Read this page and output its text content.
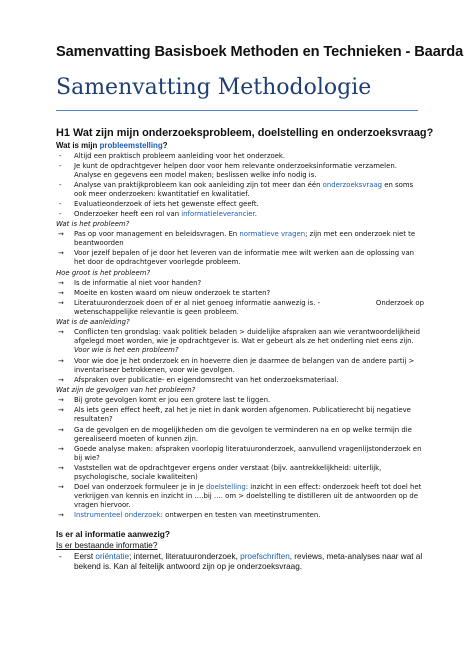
Samenvatting Basisboek Methoden en Technieken - Baarda
Samenvatting Methodologie
H1 Wat zijn mijn onderzoeksprobleem, doelstelling en onderzoeksvraag?
Wat is mijn probleemstelling?
- Altijd een praktisch probleem aanleiding voor het onderzoek.
- Je kunt de opdrachtgever helpen door voor hem relevante onderzoeksinformatie verzamelen. Analyse en gegevens een model maken; beslissen welke info nodig is.
- Analyse van praktijkprobleem kan ook aanleiding zijn tot meer dan één onderzoeksvraag en soms ook meer onderzoeken: kwantitatief en kwalitatief.
- Evaluatieonderzoek of iets het gewenste effect geeft.
- Onderzoeker heeft een rol van informatieleverancier.
Wat is het probleem?
→ Pas op voor management en beleidsvragen. En normatieve vragen; zijn met een onderzoek niet te beantwoorden
→ Voor jezelf bepalen of je door het leveren van de informatie mee wilt werken aan de oplossing van het door de opdrachtgever voorlegde probleem.
Hoe groot is het probleem?
→ Is de informatie al niet voor handen?
→ Moeite en kosten waard om nieuw onderzoek te starten?
→ Literatuuronderzoek doen of er al niet genoeg informatie aanwezig is. -	Onderzoek op
wetenschappelijke relevantie is geen probleem.
Wat is de aanleiding?
→ Conflicten ten grondslag: vaak politiek beladen > duidelijke afspraken aan wie verantwoordelijkheid afgelegd moet worden, wie je opdrachtgever is. Wat er gebeurt als ze het onderling niet eens zijn. Voor wie is het een probleem?
→ Voor wie doe je het onderzoek en in hoeverre dien je daarmee de belangen van de andere partij > inventariseer betrokkenen, voor wie gevolgen.
→ Afspraken over publicatie- en eigendomsrecht van het onderzoeksmateriaal.
Wat zijn de gevolgen van het probleem?
→ Bij grote gevolgen komt er jou een grotere last te liggen.
→ Als iets geen effect heeft, zal het je niet in dank worden afgenomen. Publicatierecht bij negatieve resultaten?
→ Ga de gevolgen en de mogelijkheden om die gevolgen te verminderen na en op welke termijn die gerealiseerd moeten of kunnen zijn.
→ Goede analyse maken: afspraken voorlopig literatuuronderzoek, aanvullend vragenlijstonderzoek en bij wie?
→ Vaststellen wat de opdrachtgever ergens onder verstaat (bijv. aantrekkelijkheid: uiterlijk, psychologische, sociale kwaliteiten)
→ Doel van onderzoek formuleer je in je doelstelling: inzicht in een effect: onderzoek heeft tot doel het verkrijgen van kennis en inzicht in ….bij …. om > doelstelling te distilleren uit de antwoorden op de vragen hiervoor.
→ Instrumenteel onderzoek: ontwerpen en testen van meetinstrumenten.
Is er al informatie aanwezig?
Is er bestaande informatie?
- Eerst oriëntatie; internet, literatuuronderzoek, proefschriften, reviews, meta-analyses naar wat al bekend is. Kan al feitelijk antwoord zijn op je onderzoeksvraag.
